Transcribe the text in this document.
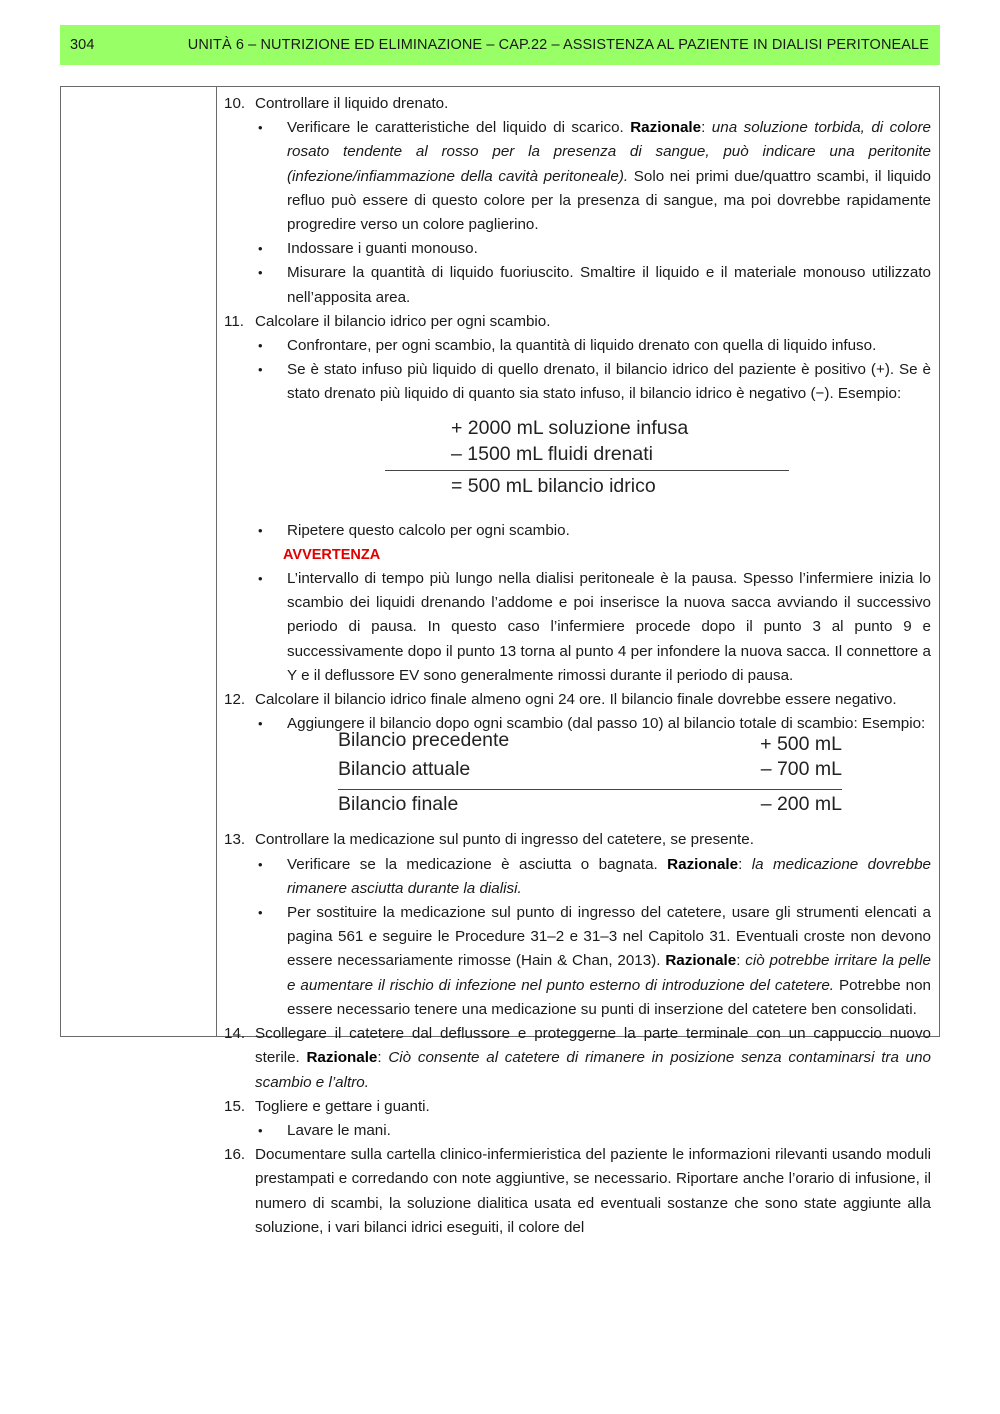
304	UNITÀ 6 – NUTRIZIONE ED ELIMINAZIONE – CAP.22 – ASSISTENZA AL PAZIENTE IN DIALISI PERITONEALE
10. Controllare il liquido drenato.
• Verificare le caratteristiche del liquido di scarico. Razionale: una soluzione torbida, di colore rosato tendente al rosso per la presenza di sangue, può indicare una peritonite (infezione/infiammazione della cavità peritoneale). Solo nei primi due/quattro scambi, il liquido refluo può essere di questo colore per la presenza di sangue, ma poi dovrebbe rapidamente progredire verso un colore paglierino.
• Indossare i guanti monouso.
• Misurare la quantità di liquido fuoriuscito. Smaltire il liquido e il materiale monouso utilizzato nell’apposita area.
11. Calcolare il bilancio idrico per ogni scambio.
• Confrontare, per ogni scambio, la quantità di liquido drenato con quella di liquido infuso.
• Se è stato infuso più liquido di quello drenato, il bilancio idrico del paziente è positivo (+). Se è stato drenato più liquido di quanto sia stato infuso, il bilancio idrico è negativo (−). Esempio:
+ 2000 mL soluzione infusa
– 1500 mL fluidi drenati
= 500 mL bilancio idrico
• Ripetere questo calcolo per ogni scambio.
AVVERTENZA
• L’intervallo di tempo più lungo nella dialisi peritoneale è la pausa. Spesso l’infermiere inizia lo scambio dei liquidi drenando l’addome e poi inserisce la nuova sacca avviando il successivo periodo di pausa. In questo caso l’infermiere procede dopo il punto 3 al punto 9 e successivamente dopo il punto 13 torna al punto 4 per infondere la nuova sacca. Il connettore a Y e il deflussore EV sono generalmente rimossi durante il periodo di pausa.
12. Calcolare il bilancio idrico finale almeno ogni 24 ore. Il bilancio finale dovrebbe essere negativo.
• Aggiungere il bilancio dopo ogni scambio (dal passo 10) al bilancio totale di scambio: Esempio:
Bilancio precedente	+ 500 mL
Bilancio attuale	– 700 mL
Bilancio finale	– 200 mL
13. Controllare la medicazione sul punto di ingresso del catetere, se presente.
• Verificare se la medicazione è asciutta o bagnata. Razionale: la medicazione dovrebbe rimanere asciutta durante la dialisi.
• Per sostituire la medicazione sul punto di ingresso del catetere, usare gli strumenti elencati a pagina 561 e seguire le Procedure 31–2 e 31–3 nel Capitolo 31. Eventuali croste non devono essere necessariamente rimosse (Hain & Chan, 2013). Razionale: ciò potrebbe irritare la pelle e aumentare il rischio di infezione nel punto esterno di introduzione del catetere. Potrebbe non essere necessario tenere una medicazione su punti di inserzione del catetere ben consolidati.
14. Scollegare il catetere dal deflussore e proteggerne la parte terminale con un cappuccio nuovo sterile. Razionale: Ciò consente al catetere di rimanere in posizione senza contaminarsi tra uno scambio e l’altro.
15. Togliere e gettare i guanti.
• Lavare le mani.
16. Documentare sulla cartella clinico-infermieristica del paziente le informazioni rilevanti usando moduli prestampati e corredando con note aggiuntive, se necessario. Riportare anche l’orario di infusione, il numero di scambi, la soluzione dialitica usata ed eventuali sostanze che sono state aggiunte alla soluzione, i vari bilanci idrici eseguiti, il colore del
